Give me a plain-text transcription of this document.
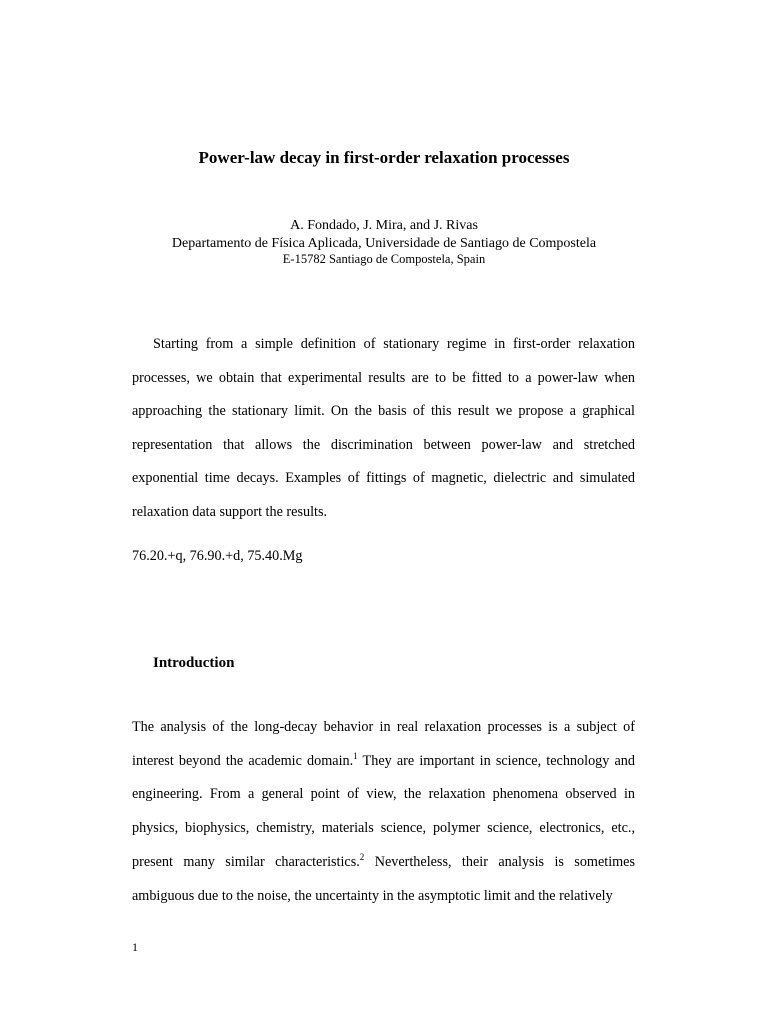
Power-law decay in first-order relaxation processes
A. Fondado, J. Mira, and J. Rivas
Departamento de Física Aplicada, Universidade de Santiago de Compostela
E-15782 Santiago de Compostela, Spain

Starting from a simple definition of stationary regime in first-order relaxation processes, we obtain that experimental results are to be fitted to a power-law when approaching the stationary limit. On the basis of this result we propose a graphical representation that allows the discrimination between power-law and stretched exponential time decays. Examples of fittings of magnetic, dielectric and simulated relaxation data support the results.

76.20.+q, 76.90.+d, 75.40.Mg
Introduction

The analysis of the long-decay behavior in real relaxation processes is a subject of interest beyond the academic domain.$^1$ They are important in science, technology and engineering. From a general point of view, the relaxation phenomena observed in physics, biophysics, chemistry, materials science, polymer science, electronics, etc., present many similar characteristics.$^2$ Nevertheless, their analysis is sometimes ambiguous due to the noise, the uncertainty in the asymptotic limit and the relatively

1
